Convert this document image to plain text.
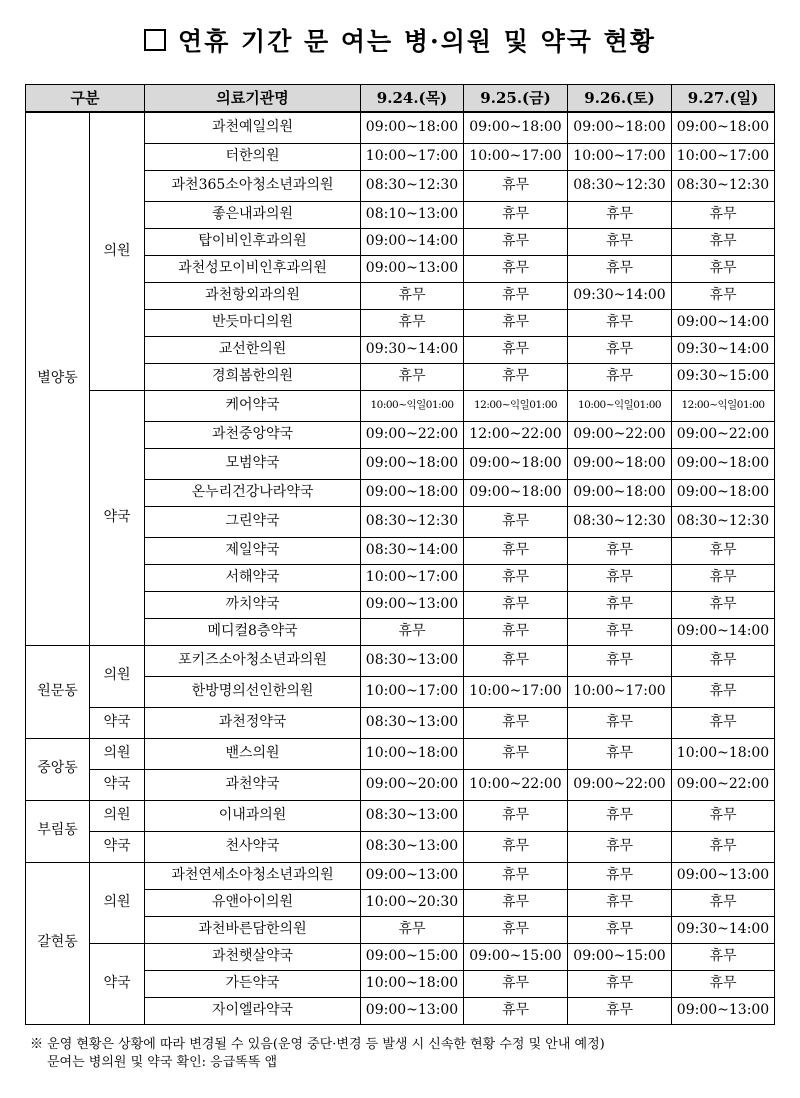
연휴 기간 문 여는 병·의원 및 약국 현황
구분		의료기관명	9.24.(목)	9.25.(금)	9.26.(토)	9.27.(일)
별양동	의원	과천예일의원	09:00~18:00	09:00~18:00	09:00~18:00	09:00~18:00
		터한의원	10:00~17:00	10:00~17:00	10:00~17:00	10:00~17:00
		과천365소아청소년과의원	08:30~12:30	휴무	08:30~12:30	08:30~12:30
		좋은내과의원	08:10~13:00	휴무	휴무	휴무
		탑이비인후과의원	09:00~14:00	휴무	휴무	휴무
		과천성모이비인후과의원	09:00~13:00	휴무	휴무	휴무
		과천항외과의원	휴무	휴무	09:30~14:00	휴무
		반듯마디의원	휴무	휴무	휴무	09:00~14:00
		교선한의원	09:30~14:00	휴무	휴무	09:30~14:00
		경희봄한의원	휴무	휴무	휴무	09:30~15:00
	약국	케어약국	10:00~익일01:00	12:00~익일01:00	10:00~익일01:00	12:00~익일01:00
		과천중앙약국	09:00~22:00	12:00~22:00	09:00~22:00	09:00~22:00
		모범약국	09:00~18:00	09:00~18:00	09:00~18:00	09:00~18:00
		온누리건강나라약국	09:00~18:00	09:00~18:00	09:00~18:00	09:00~18:00
		그린약국	08:30~12:30	휴무	08:30~12:30	08:30~12:30
		제일약국	08:30~14:00	휴무	휴무	휴무
		서해약국	10:00~17:00	휴무	휴무	휴무
		까치약국	09:00~13:00	휴무	휴무	휴무
		메디컬8층약국	휴무	휴무	휴무	09:00~14:00
원문동	의원	포키즈소아청소년과의원	08:30~13:00	휴무	휴무	휴무
		한방명의선인한의원	10:00~17:00	10:00~17:00	10:00~17:00	휴무
	약국	과천정약국	08:30~13:00	휴무	휴무	휴무
중앙동	의원	밴스의원	10:00~18:00	휴무	휴무	10:00~18:00
	약국	과천약국	09:00~20:00	10:00~22:00	09:00~22:00	09:00~22:00
부림동	의원	이내과의원	08:30~13:00	휴무	휴무	휴무
	약국	천사약국	08:30~13:00	휴무	휴무	휴무
갈현동	의원	과천연세소아청소년과의원	09:00~13:00	휴무	휴무	09:00~13:00
		유앤아이의원	10:00~20:30	휴무	휴무	휴무
		과천바른담한의원	휴무	휴무	휴무	09:30~14:00
	약국	과천햇살약국	09:00~15:00	09:00~15:00	09:00~15:00	휴무
		가든약국	10:00~18:00	휴무	휴무	휴무
		자이엘라약국	09:00~13:00	휴무	휴무	09:00~13:00
※ 운영 현황은 상황에 따라 변경될 수 있음(운영 중단·변경 등 발생 시 신속한 현황 수정 및 안내 예정)
문여는 병의원 및 약국 확인: 응급똑똑 앱
